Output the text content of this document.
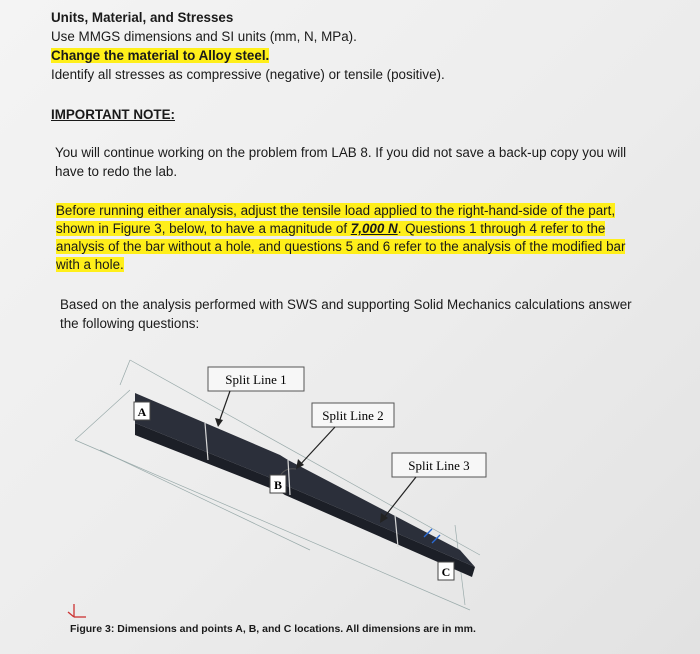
Units, Material, and Stresses
Use MMGS dimensions and SI units (mm, N, MPa).
Change the material to Alloy steel.
Identify all stresses as compressive (negative) or tensile (positive).
IMPORTANT NOTE:
You will continue working on the problem from LAB 8. If you did not save a back-up copy you will
have to redo the lab.
Before running either analysis, adjust the tensile load applied to the right-hand-side of the part,
shown in Figure 3, below, to have a magnitude of 7,000 N. Questions 1 through 4 refer to the
analysis of the bar without a hole, and questions 5 and 6 refer to the analysis of the modified bar
with a hole.
Based on the analysis performed with SWS and supporting Solid Mechanics calculations answer
the following questions:
Split Line 1
Split Line 2
Split Line 3
A
B
C
Figure 3: Dimensions and points A, B, and C locations. All dimensions are in mm.
